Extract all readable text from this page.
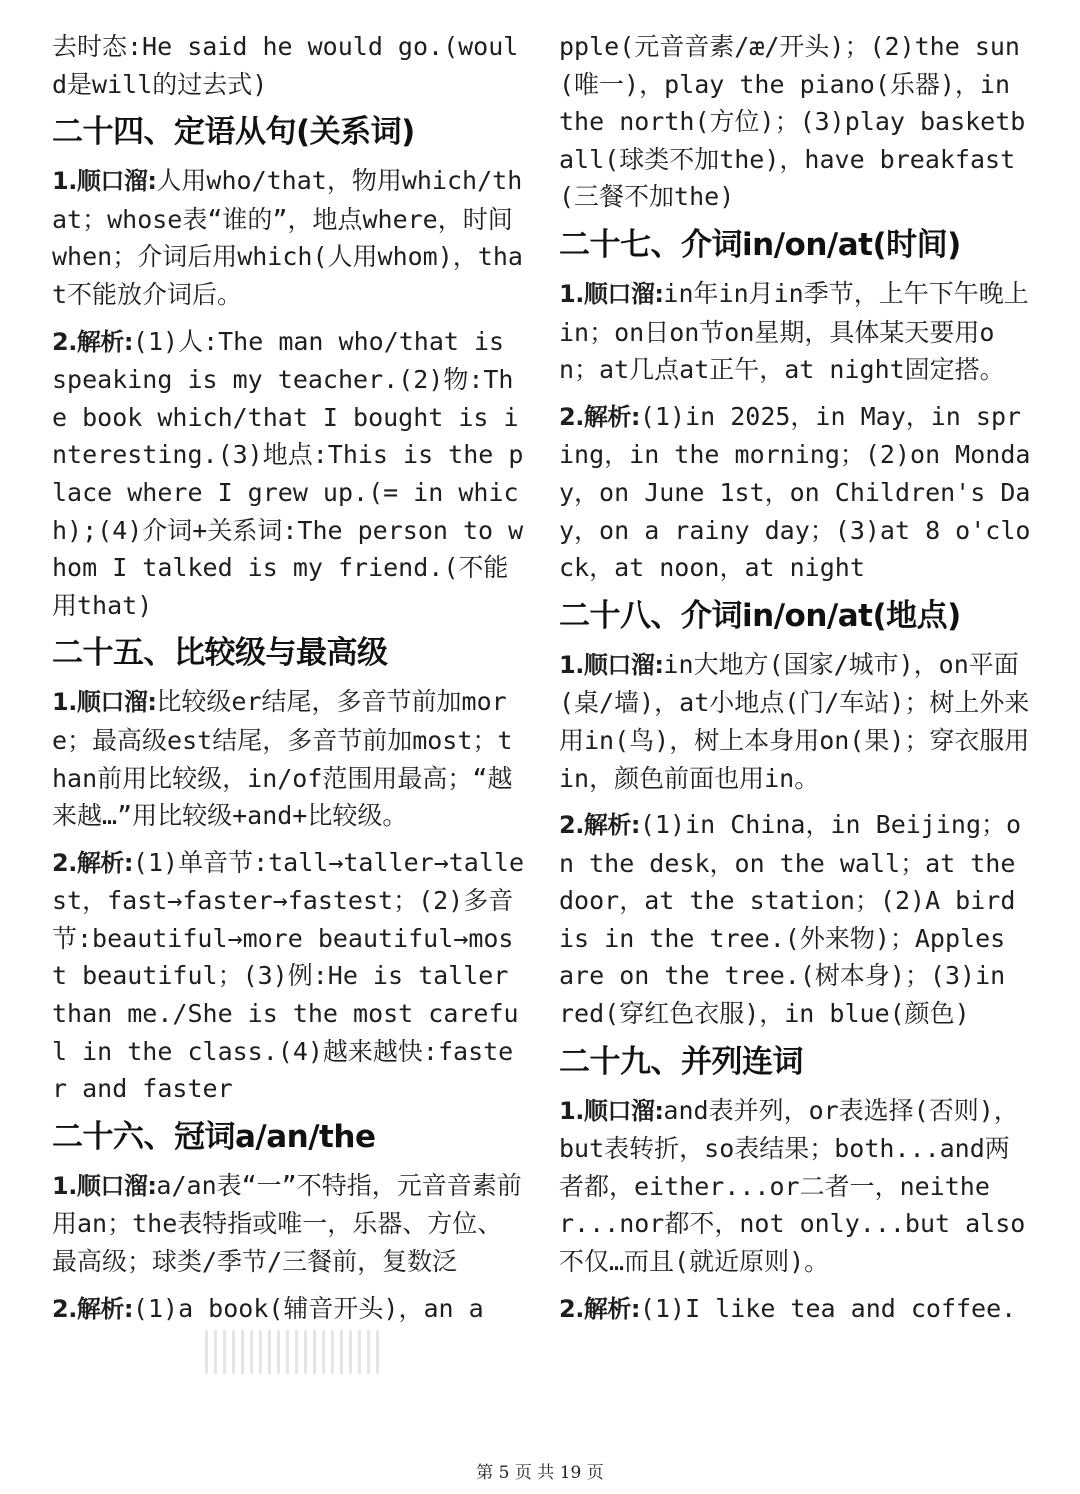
去时态:He said he would go.(would是will的过去式)

二十四、定语从句(关系词)

1.顺口溜:人用who/that，物用which/that；whose表“谁的”，地点where，时间when；介词后用which(人用whom)，that不能放介词后。

2.解析:(1)人:The man who/that is speaking is my teacher.(2)物:The book which/that I bought is interesting.(3)地点:This is the place where I grew up.(= in which);(4)介词+关系词:The person to whom I talked is my friend.(不能用that)

二十五、比较级与最高级

1.顺口溜:比较级er结尾，多音节前加more；最高级est结尾，多音节前加most；than前用比较级，in/of范围用最高；“越来越…”用比较级+and+比较级。

2.解析:(1)单音节:tall→taller→tallest，fast→faster→fastest；(2)多音节:beautiful→more beautiful→most beautiful；(3)例:He is taller than me./She is the most careful in the class.(4)越来越快:faster and faster

二十六、冠词a/an/the

1.顺口溜:a/an表“一”不特指，元音音素前用an；the表特指或唯一，乐器、方位、最高级；球类/季节/三餐前，复数泛

2.解析:(1)a book(辅音开头)，an a

pple(元音音素/æ/开头)；(2)the sun(唯一)，play the piano(乐器)，in the north(方位)；(3)play basketball(球类不加the)，have breakfast(三餐不加the)

二十七、介词in/on/at(时间)

1.顺口溜:in年in月in季节，上午下午晚上in；on日on节on星期，具体某天要用on；at几点at正午，at night固定搭。

2.解析:(1)in 2025，in May，in spring，in the morning；(2)on Monday，on June 1st，on Children's Day，on a rainy day；(3)at 8 o'clock，at noon，at night

二十八、介词in/on/at(地点)

1.顺口溜:in大地方(国家/城市)，on平面(桌/墙)，at小地点(门/车站)；树上外来用in(鸟)，树上本身用on(果)；穿衣服用in，颜色前面也用in。

2.解析:(1)in China，in Beijing；on the desk，on the wall；at the door，at the station；(2)A bird is in the tree.(外来物)；Apples are on the tree.(树本身)；(3)in red(穿红色衣服)，in blue(颜色)

二十九、并列连词

1.顺口溜:and表并列，or表选择(否则)，but表转折，so表结果；both...and两者都，either...or二者一，neither...nor都不，not only...but also不仅…而且(就近原则)。

2.解析:(1)I like tea and coffee.

第 5 页 共 19 页
